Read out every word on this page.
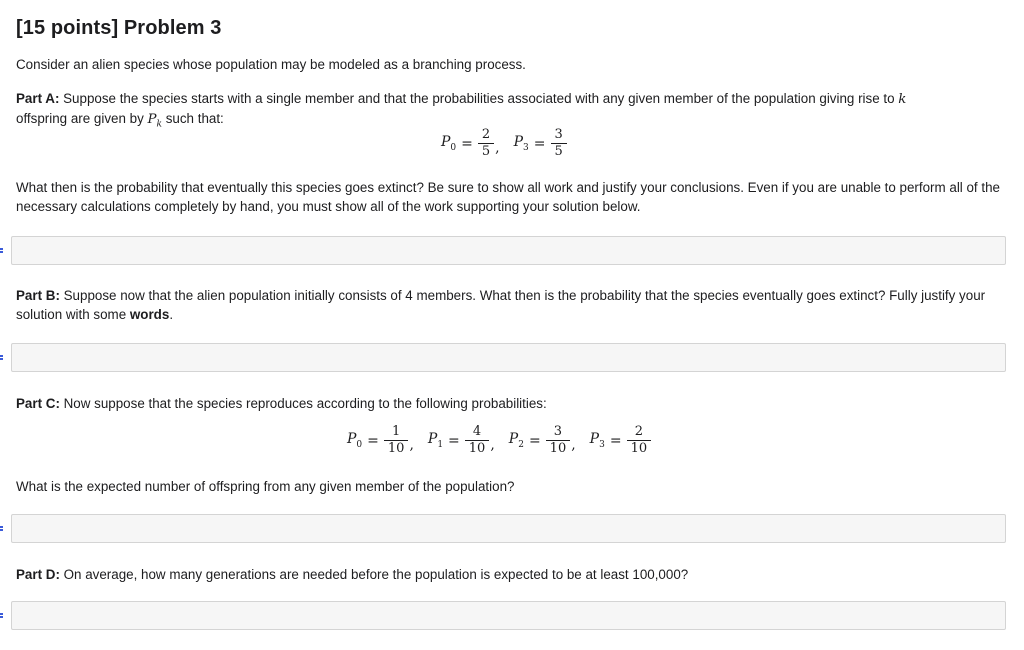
[15 points] Problem 3

Consider an alien species whose population may be modeled as a branching process.

Part A: Suppose the species starts with a single member and that the probabilities associated with any given member of the population giving rise to k
offspring are given by $P_k$ such that:

$P_0 = \frac{2}{5}$ , $P_3 = \frac{3}{5}$

What then is the probability that eventually this species goes extinct? Be sure to show all work and justify your conclusions. Even if you are unable to perform all of the necessary calculations completely by hand, you must show all of the work supporting your solution below.

Part B: Suppose now that the alien population initially consists of 4 members. What then is the probability that the species eventually goes extinct? Fully justify your solution with some words.

Part C: Now suppose that the species reproduces according to the following probabilities:

$P_0 = \frac{1}{10}$ , $P_1 = \frac{4}{10}$ , $P_2 = \frac{3}{10}$ , $P_3 = \frac{2}{10}$

What is the expected number of offspring from any given member of the population?

Part D: On average, how many generations are needed before the population is expected to be at least 100,000?
